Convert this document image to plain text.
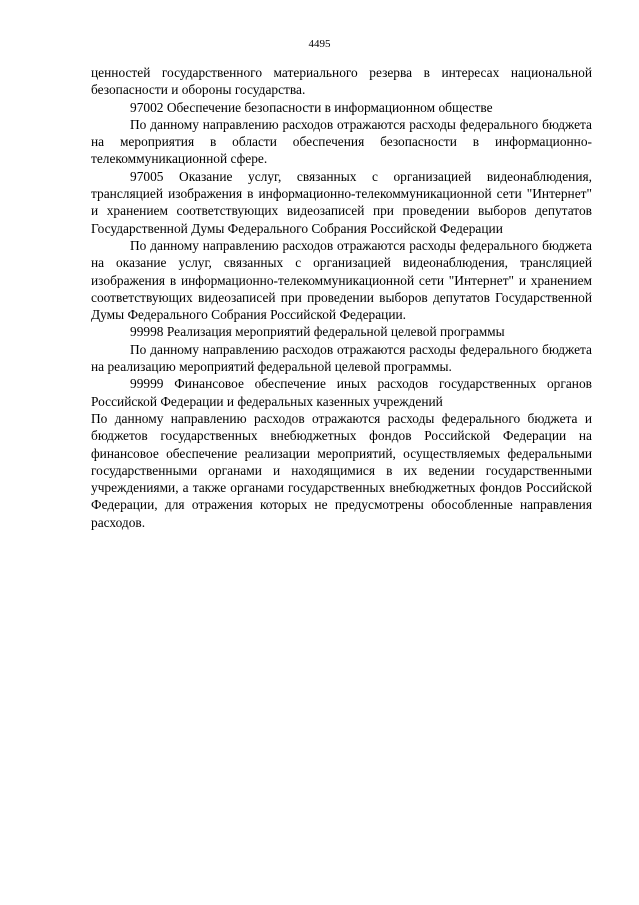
4495

ценностей государственного материального резерва в интересах национальной безопасности и обороны государства.

97002 Обеспечение безопасности в информационном обществе

По данному направлению расходов отражаются расходы федерального бюджета на мероприятия в области обеспечения безопасности в информационно-телекоммуникационной сфере.

97005 Оказание услуг, связанных с организацией видеонаблюдения, трансляцией изображения в информационно-телекоммуникационной сети "Интернет" и хранением соответствующих видеозаписей при проведении выборов депутатов Государственной Думы Федерального Собрания Российской Федерации

По данному направлению расходов отражаются расходы федерального бюджета на оказание услуг, связанных с организацией видеонаблюдения, трансляцией изображения в информационно-телекоммуникационной сети "Интернет" и хранением соответствующих видеозаписей при проведении выборов депутатов Государственной Думы Федерального Собрания Российской Федерации.

99998 Реализация мероприятий федеральной целевой программы

По данному направлению расходов отражаются расходы федерального бюджета на реализацию мероприятий федеральной целевой программы.

99999 Финансовое обеспечение иных расходов государственных органов Российской Федерации и федеральных казенных учреждений

По данному направлению расходов отражаются расходы федерального бюджета и бюджетов государственных внебюджетных фондов Российской Федерации на финансовое обеспечение реализации мероприятий, осуществляемых федеральными государственными органами и находящимися в их ведении государственными учреждениями, а также органами государственных внебюджетных фондов Российской Федерации, для отражения которых не предусмотрены обособленные направления расходов.
